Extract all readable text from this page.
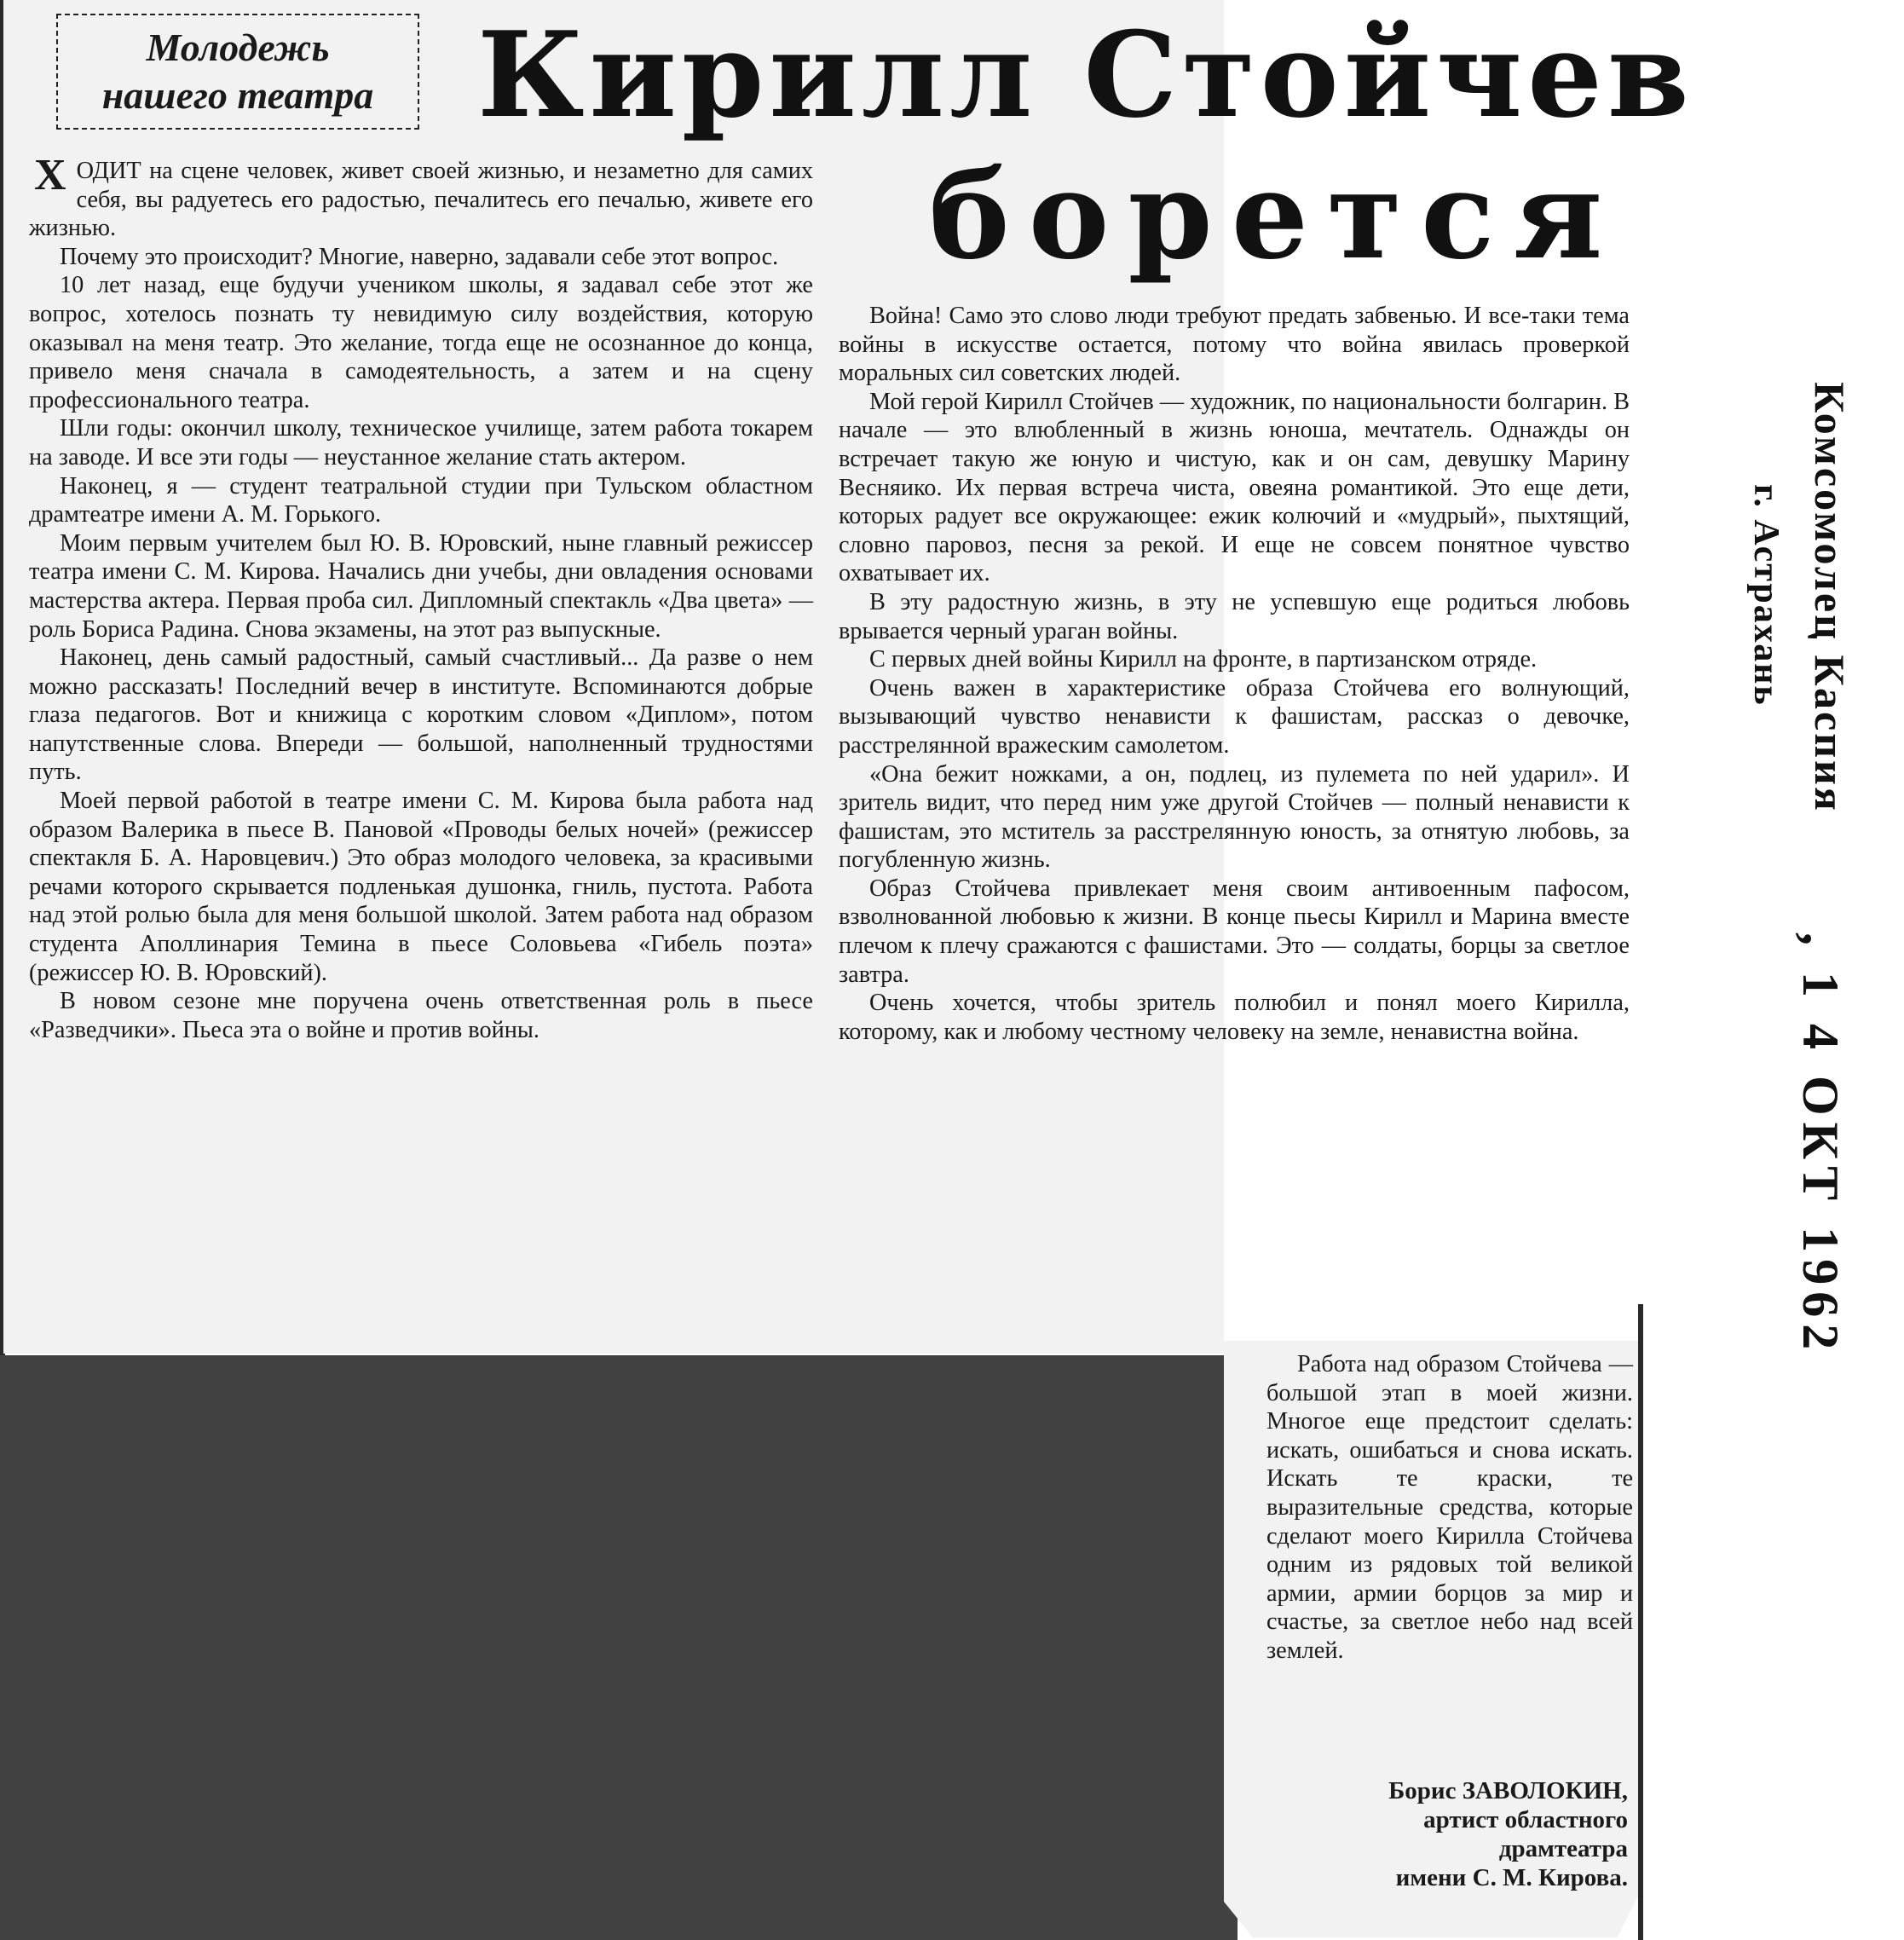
Молодежь
нашего театра Кирилл Стойчев
борется

ХОДИТ на сцене человек, живет своей жизнью, и незаметно для самих себя, вы радуетесь его радостью, печалитесь его печалью, живете его жизнью.

Почему это происходит? Многие, наверно, задавали себе этот вопрос.

10 лет назад, еще будучи учеником школы, я задавал себе этот же вопрос, хотелось познать ту невидимую силу воздействия, которую оказывал на меня театр. Это желание, тогда еще не осознанное до конца, привело меня сначала в самодеятельность, а затем и на сцену профессионального театра.

Шли годы: окончил школу, техническое училище, затем работа токарем на заводе. И все эти годы — неустанное желание стать актером.

Наконец, я — студент театральной студии при Тульском областном драмтеатре имени А. М. Горького.

Моим первым учителем был Ю. В. Юровский, ныне главный режиссер театра имени С. М. Кирова. Начались дни учебы, дни овладения основами мастерства актера. Первая проба сил. Дипломный спектакль «Два цвета» — роль Бориса Радина. Снова экзамены, на этот раз выпускные.

Наконец, день самый радостный, самый счастливый... Да разве о нем можно рассказать! Последний вечер в институте. Вспоминаются добрые глаза педагогов. Вот и книжица с коротким словом «Диплом», потом напутственные слова. Впереди — большой, наполненный трудностями путь.

Моей первой работой в театре имени С. М. Кирова была работа над образом Валерика в пьесе В. Пановой «Проводы белых ночей» (режиссер спектакля Б. А. Наровцевич.) Это образ молодого человека, за красивыми речами которого скрывается подленькая душонка, гниль, пустота. Работа над этой ролью была для меня большой школой. Затем работа над образом студента Аполлинария Темина в пьесе Соловьева «Гибель поэта» (режиссер Ю. В. Юровский).

В новом сезоне мне поручена очень ответственная роль в пьесе «Разведчики». Пьеса эта о войне и против войны.

Война! Само это слово люди требуют предать забвенью. И все-таки тема войны в искусстве остается, потому что война явилась проверкой моральных сил советских людей.

Мой герой Кирилл Стойчев — художник, по национальности болгарин. В начале — это влюбленный в жизнь юноша, мечтатель. Однажды он встречает такую же юную и чистую, как и он сам, девушку Марину Весняико. Их первая встреча чиста, овеяна романтикой. Это еще дети, которых радует все окружающее: ежик колючий и «мудрый», пыхтящий, словно паровоз, песня за рекой. И еще не совсем понятное чувство охватывает их.

В эту радостную жизнь, в эту не успевшую еще родиться любовь врывается черный ураган войны.

С первых дней войны Кирилл на фронте, в партизанском отряде.

Очень важен в характеристике образа Стойчева его волнующий, вызывающий чувство ненависти к фашистам, рассказ о девочке, расстрелянной вражеским самолетом.

«Она бежит ножками, а он, подлец, из пулемета по ней ударил». И зритель видит, что перед ним уже другой Стойчев — полный ненависти к фашистам, это мститель за расстрелянную юность, за отнятую любовь, за погубленную жизнь.

Образ Стойчева привлекает меня своим антивоенным пафосом, взволнованной любовью к жизни. В конце пьесы Кирилл и Марина вместе плечом к плечу сражаются с фашистами. Это — солдаты, борцы за светлое завтра.

Очень хочется, чтобы зритель полюбил и понял моего Кирилла, которому, как и любому честному человеку на земле, ненавистна война.

Работа над образом Стойчева — большой этап в моей жизни. Многое еще предстоит сделать: искать, ошибаться и снова искать. Искать те краски, те выразительные средства, которые сделают моего Кирилла Стойчева одним из рядовых той великой армии, армии борцов за мир и счастье, за светлое небо над всей землей.

Борис ЗАВОЛОКИН,
артист областного
драмтеатра
имени С. М. Кирова.
Комсомолец Каспия
, 1 4 ОКТ 1962
г. Астрахань
